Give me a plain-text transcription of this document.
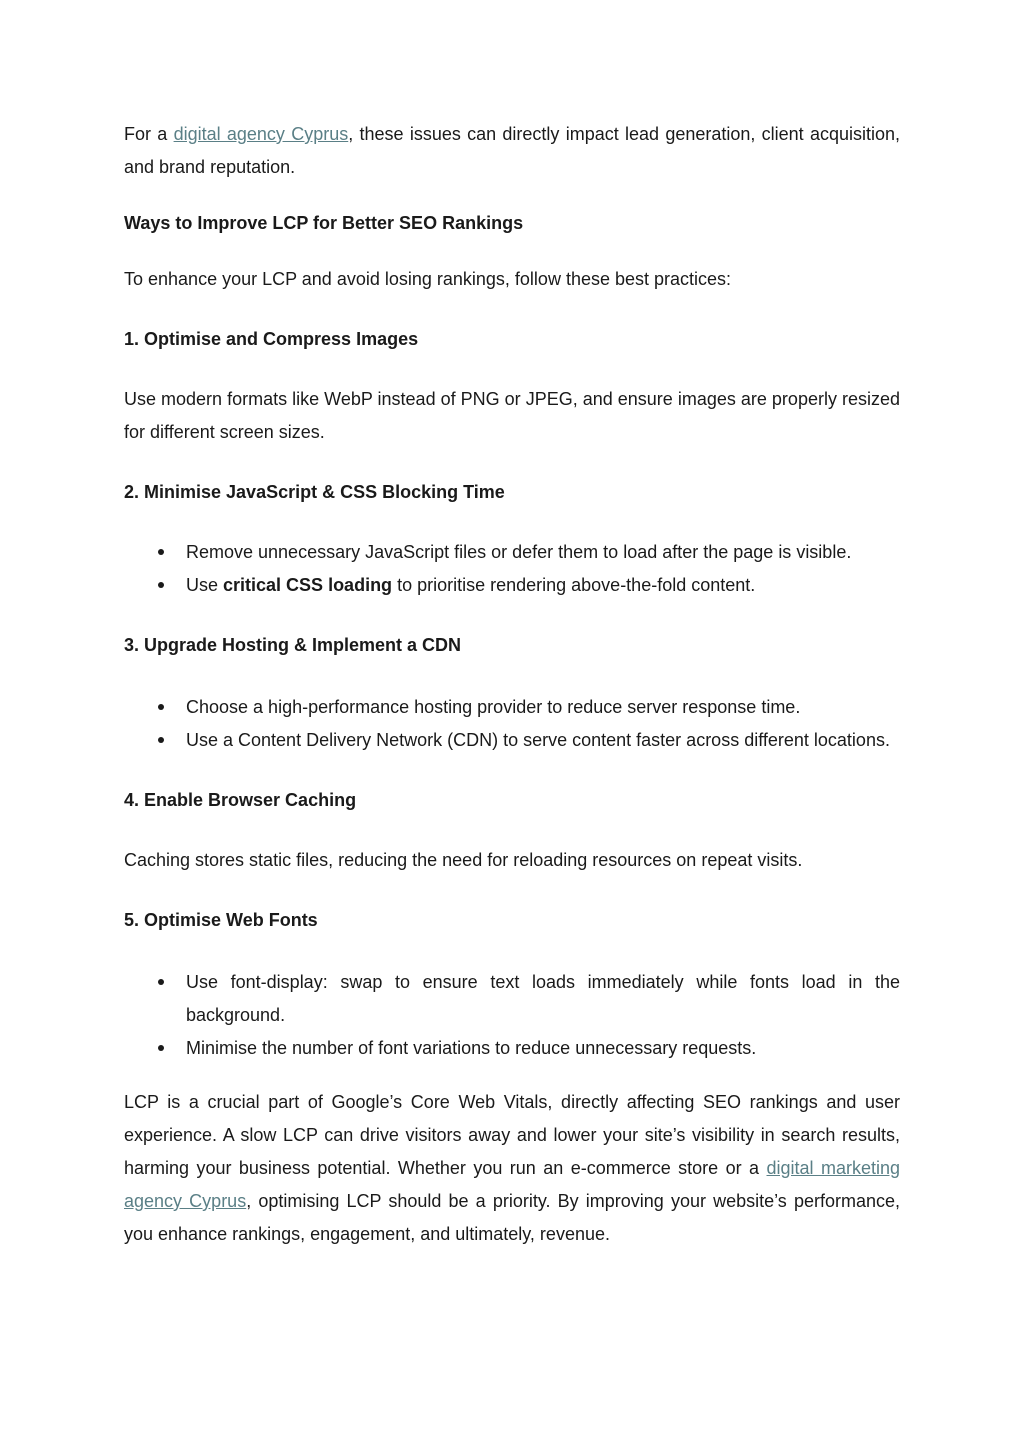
For a digital agency Cyprus, these issues can directly impact lead generation, client acquisition, and brand reputation.

Ways to Improve LCP for Better SEO Rankings

To enhance your LCP and avoid losing rankings, follow these best practices:

1. Optimise and Compress Images

Use modern formats like WebP instead of PNG or JPEG, and ensure images are properly resized for different screen sizes.

2. Minimise JavaScript & CSS Blocking Time

Remove unnecessary JavaScript files or defer them to load after the page is visible.
Use critical CSS loading to prioritise rendering above-the-fold content.

3. Upgrade Hosting & Implement a CDN

Choose a high-performance hosting provider to reduce server response time.
Use a Content Delivery Network (CDN) to serve content faster across different locations.

4. Enable Browser Caching

Caching stores static files, reducing the need for reloading resources on repeat visits.

5. Optimise Web Fonts

Use font-display: swap to ensure text loads immediately while fonts load in the background.
Minimise the number of font variations to reduce unnecessary requests.

LCP is a crucial part of Google’s Core Web Vitals, directly affecting SEO rankings and user experience. A slow LCP can drive visitors away and lower your site’s visibility in search results, harming your business potential. Whether you run an e-commerce store or a digital marketing agency Cyprus, optimising LCP should be a priority. By improving your website’s performance, you enhance rankings, engagement, and ultimately, revenue.
